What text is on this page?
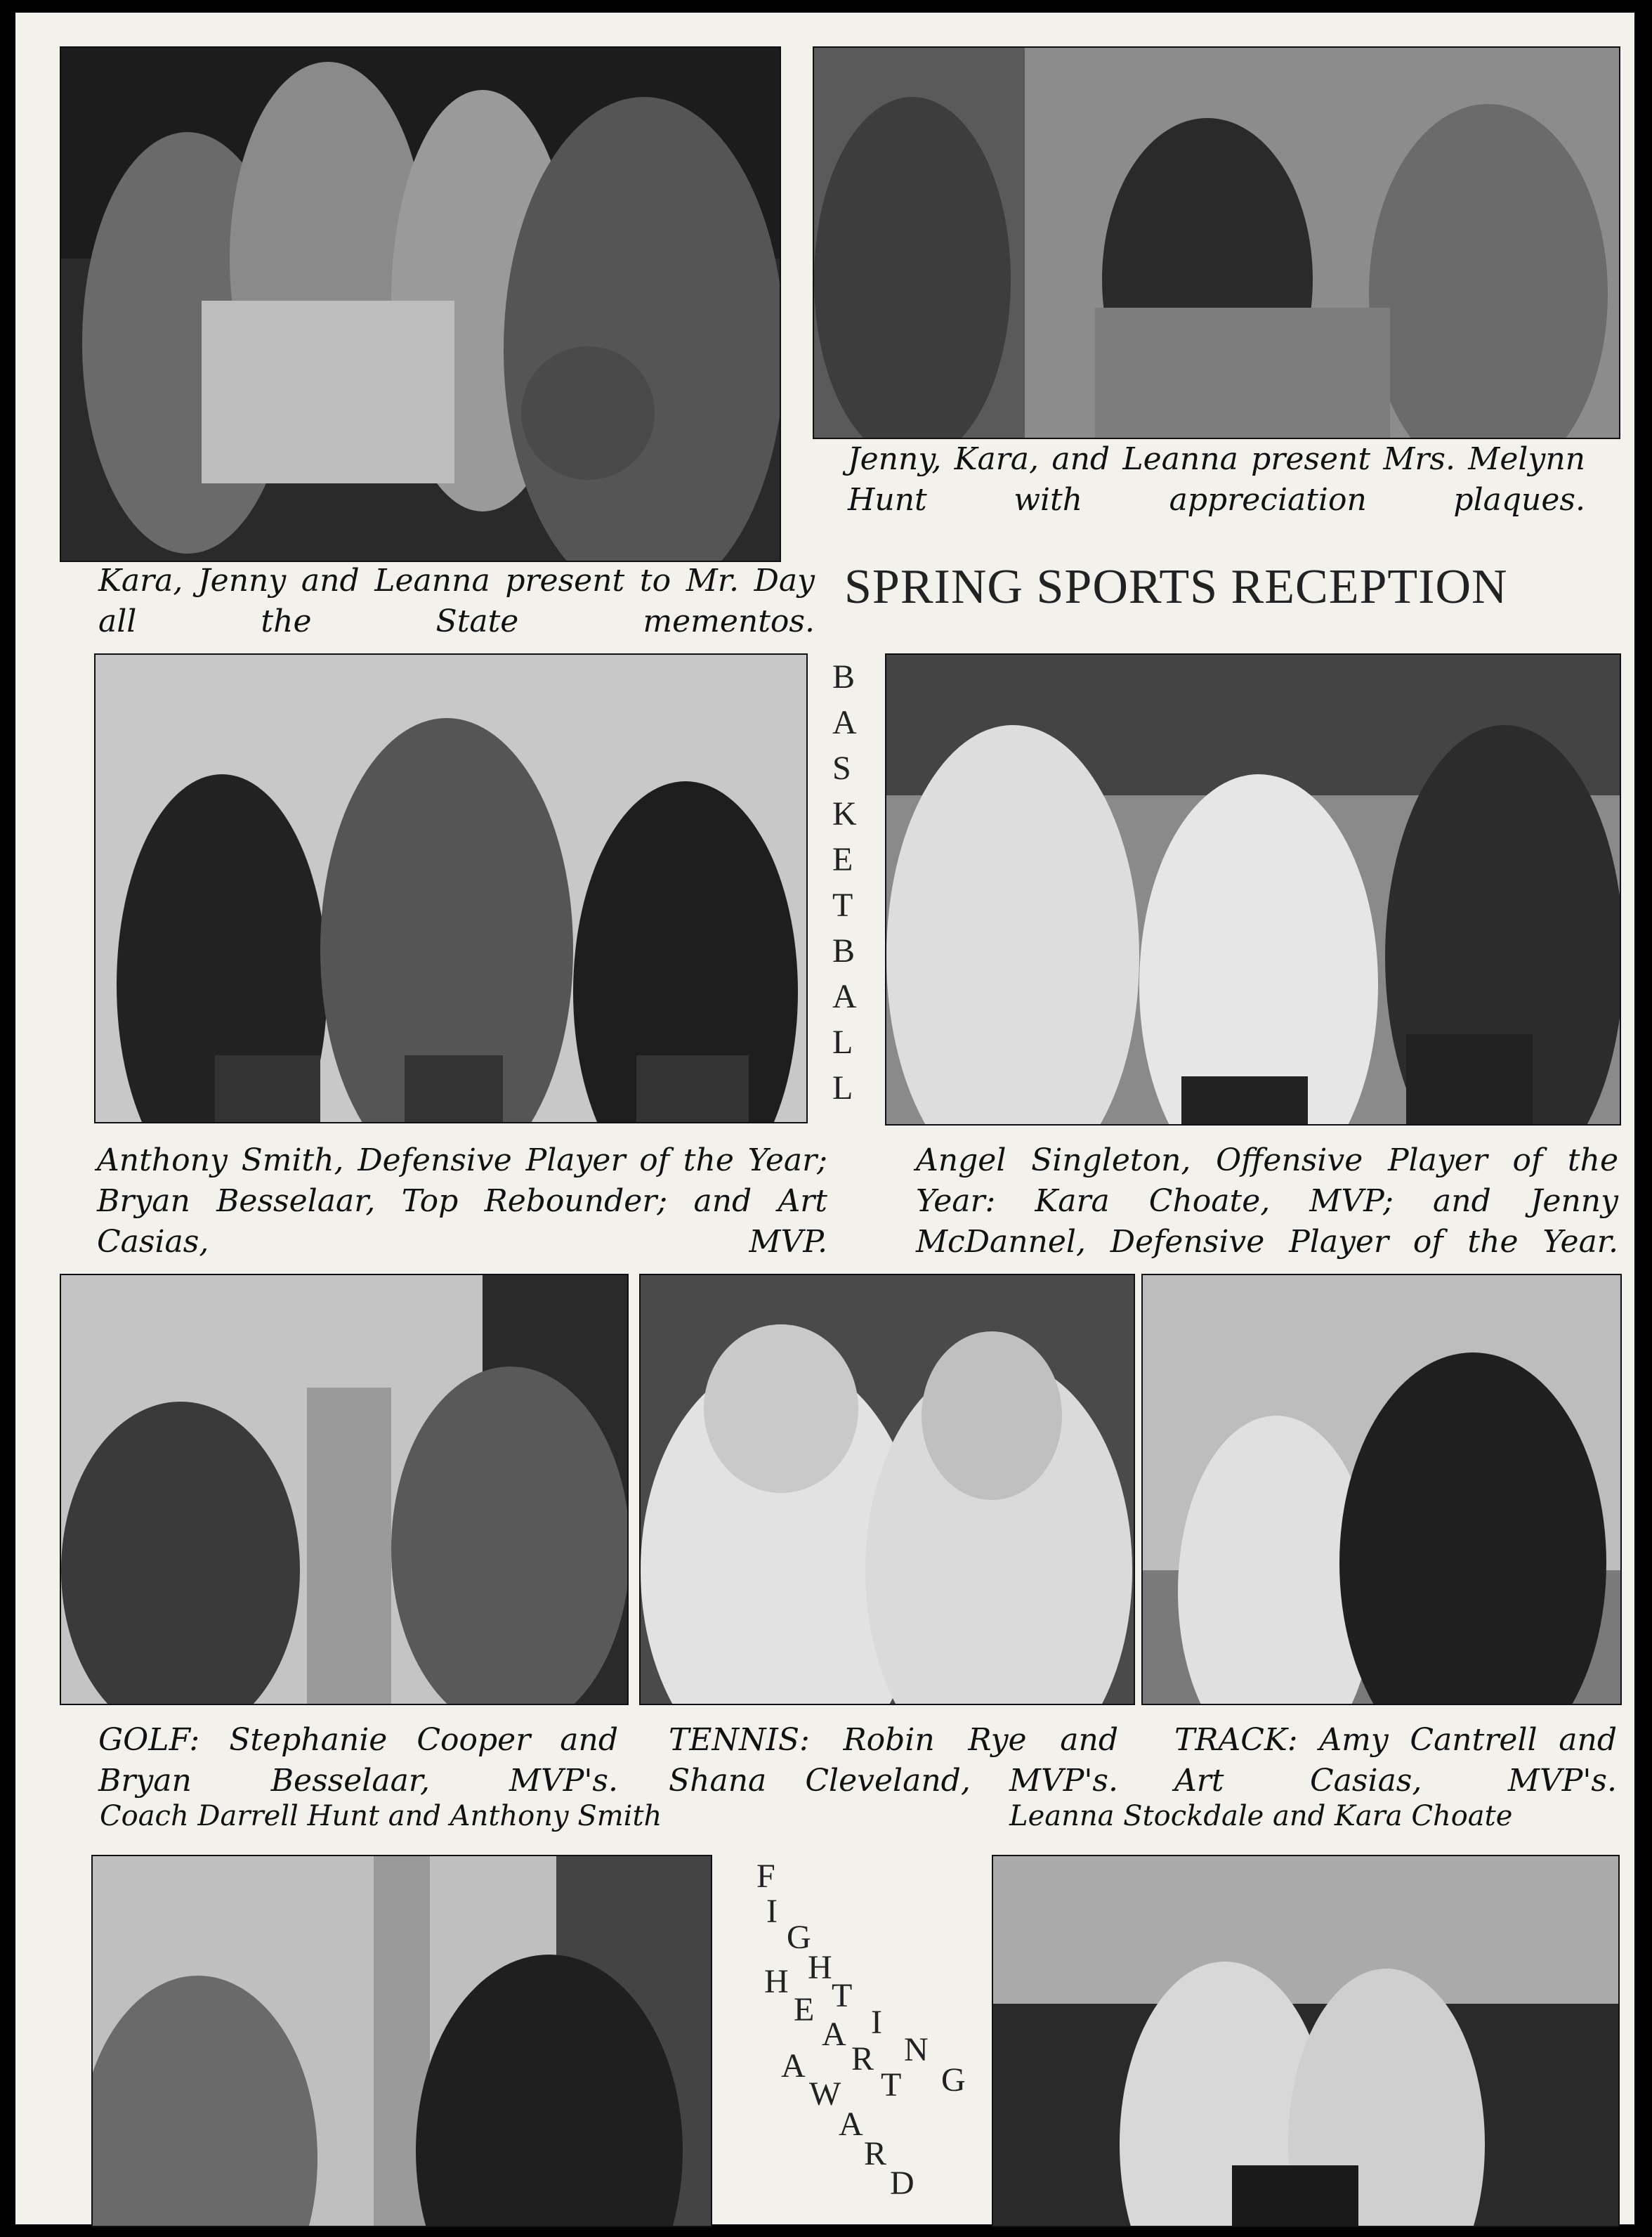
Kara, Jenny and Leanna present to Mr. Day all the State mementos.
Jenny, Kara, and Leanna present Mrs. Melynn Hunt with appreciation plaques.
SPRING SPORTS RECEPTION
Anthony Smith, Defensive Player of the Year; Bryan Besselaar, Top Rebounder; and Art Casias, MVP.
B
A
S
K
E
T
B
A
L
L
Angel Singleton, Offensive Player of the Year: Kara Choate, MVP; and Jenny McDannel, Defensive Player of the Year.
GOLF: Stephanie Cooper and Bryan Besselaar, MVP's.
TENNIS: Robin Rye and Shana Cleveland, MVP's.
TRACK: Amy Cantrell and Art Casias, MVP's.
Coach Darrell Hunt and Anthony Smith	Leanna Stockdale and Kara Choate
F
I
G
H
T
I
N
G
H
E
A
R
T
A
W
A
R
D
